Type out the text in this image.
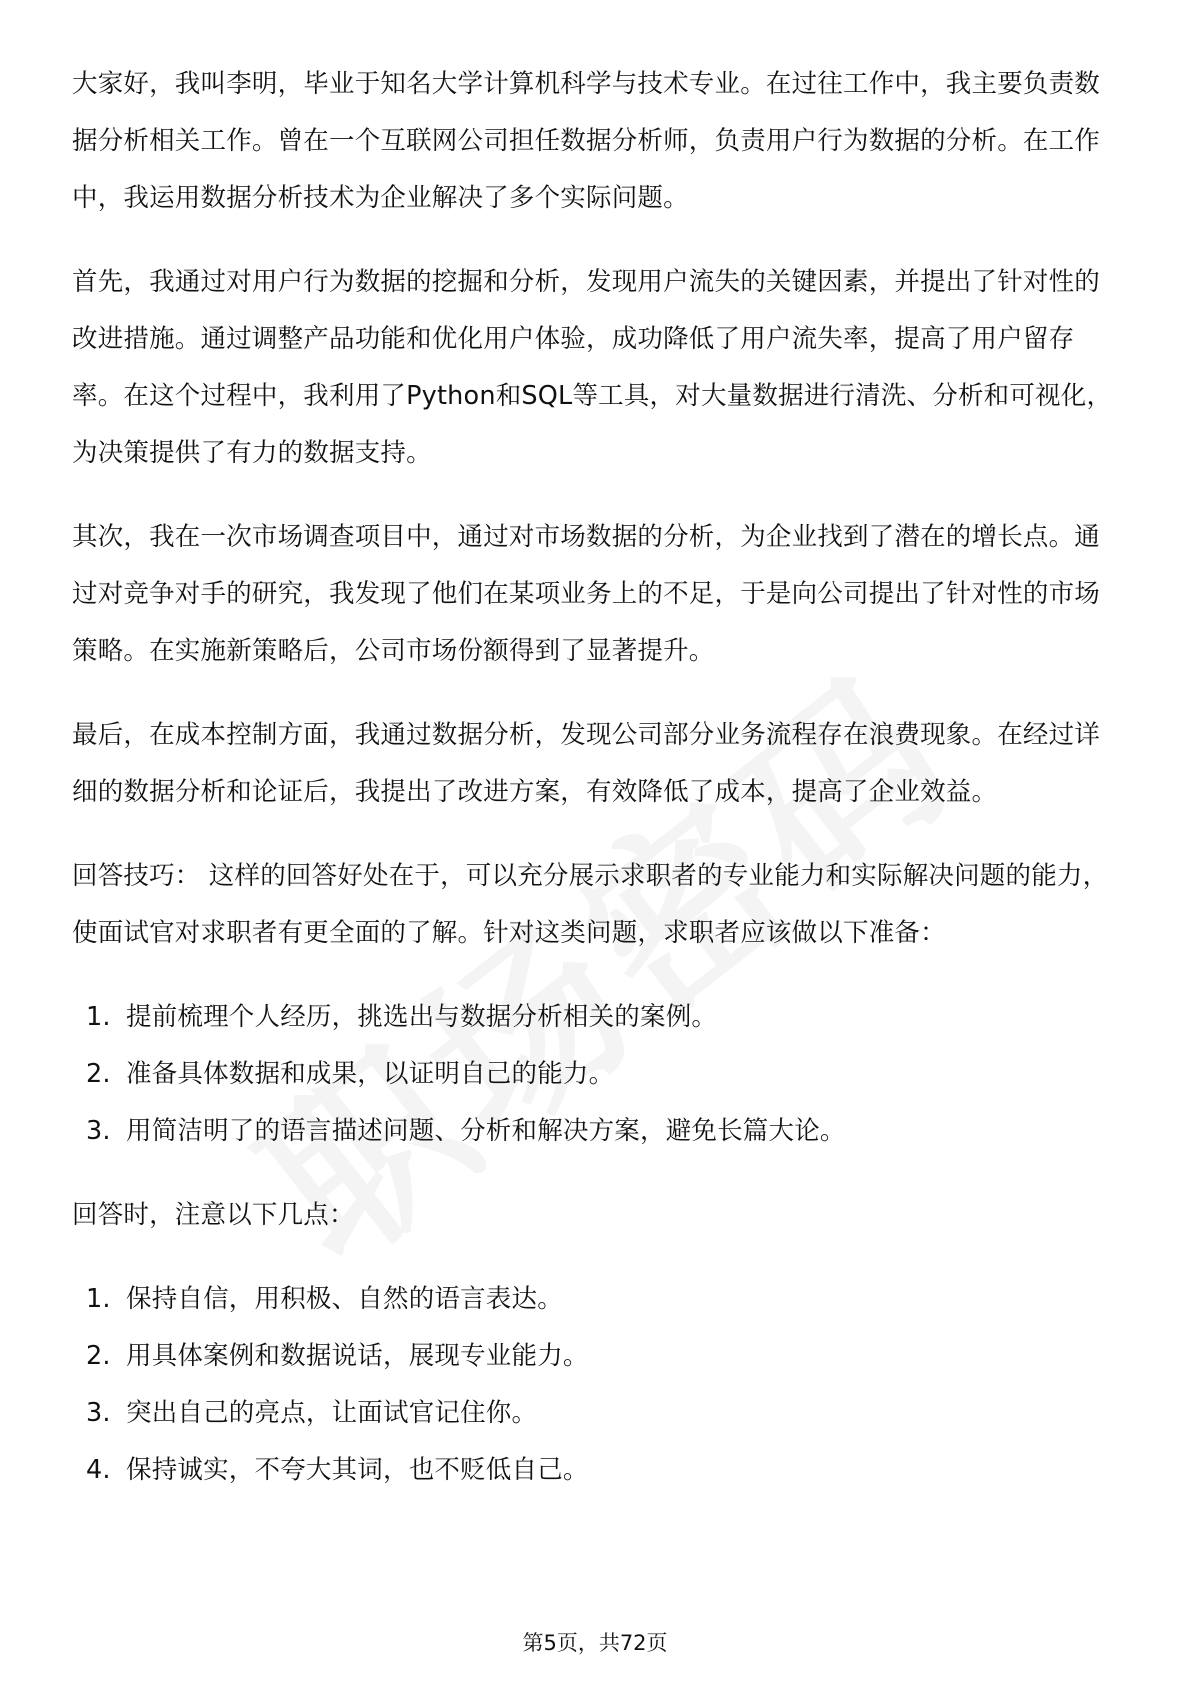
大家好，我叫李明，毕业于知名大学计算机科学与技术专业。在过往工作中，我主要负责数据分析相关工作。曾在一个互联网公司担任数据分析师，负责用户行为数据的分析。在工作中，我运用数据分析技术为企业解决了多个实际问题。

首先，我通过对用户行为数据的挖掘和分析，发现用户流失的关键因素，并提出了针对性的改进措施。通过调整产品功能和优化用户体验，成功降低了用户流失率，提高了用户留存率。在这个过程中，我利用了Python和SQL等工具，对大量数据进行清洗、分析和可视化，为决策提供了有力的数据支持。

其次，我在一次市场调查项目中，通过对市场数据的分析，为企业找到了潜在的增长点。通过对竞争对手的研究，我发现了他们在某项业务上的不足，于是向公司提出了针对性的市场策略。在实施新策略后，公司市场份额得到了显著提升。

最后，在成本控制方面，我通过数据分析，发现公司部分业务流程存在浪费现象。在经过详细的数据分析和论证后，我提出了改进方案，有效降低了成本，提高了企业效益。

回答技巧： 这样的回答好处在于，可以充分展示求职者的专业能力和实际解决问题的能力，使面试官对求职者有更全面的了解。针对这类问题，求职者应该做以下准备：

1. 提前梳理个人经历，挑选出与数据分析相关的案例。
2. 准备具体数据和成果，以证明自己的能力。
3. 用简洁明了的语言描述问题、分析和解决方案，避免长篇大论。

回答时，注意以下几点：

1. 保持自信，用积极、自然的语言表达。
2. 用具体案例和数据说话，展现专业能力。
3. 突出自己的亮点，让面试官记住你。
4. 保持诚实，不夸大其词，也不贬低自己。
第5页，共72页
